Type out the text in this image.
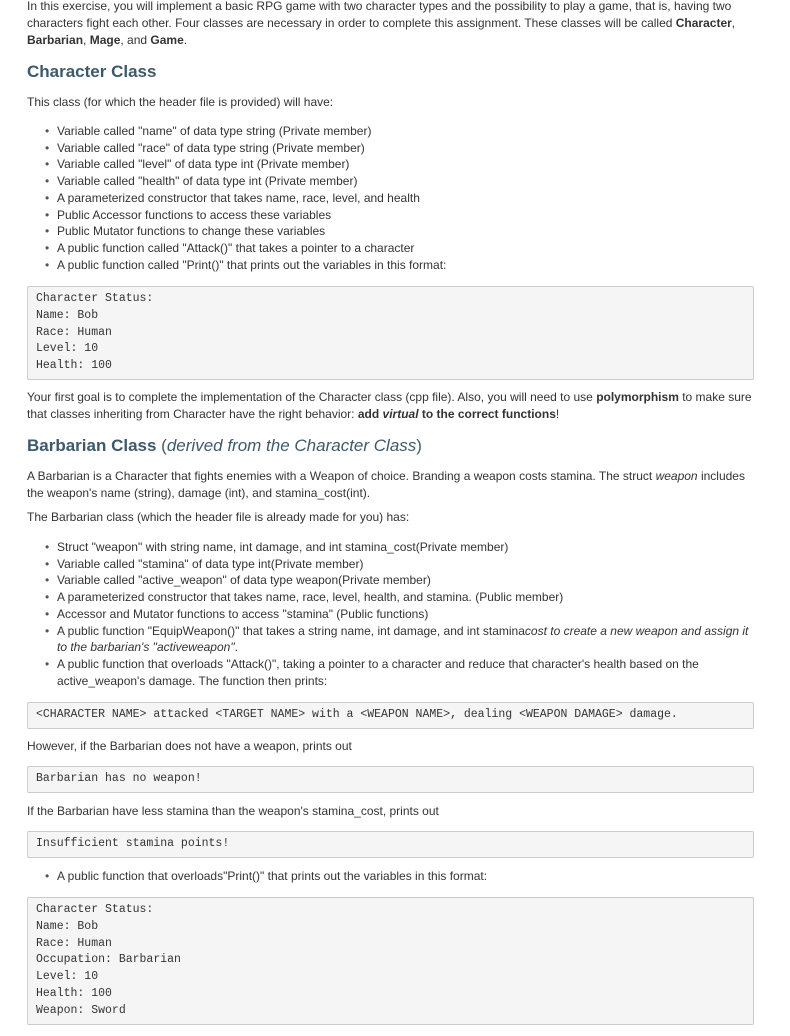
In this exercise, you will implement a basic RPG game with two character types and the possibility to play a game, that is, having two characters fight each other. Four classes are necessary in order to complete this assignment. These classes will be called Character, Barbarian, Mage, and Game.

Character Class

This class (for which the header file is provided) will have:

• Variable called "name" of data type string (Private member)
• Variable called "race" of data type string (Private member)
• Variable called "level" of data type int (Private member)
• Variable called "health" of data type int (Private member)
• A parameterized constructor that takes name, race, level, and health
• Public Accessor functions to access these variables
• Public Mutator functions to change these variables
• A public function called "Attack()" that takes a pointer to a character
• A public function called "Print()" that prints out the variables in this format:
Character Status:
Name: Bob
Race: Human
Level: 10
Health: 100

Your first goal is to complete the implementation of the Character class (cpp file). Also, you will need to use polymorphism to make sure that classes inheriting from Character have the right behavior: add virtual to the correct functions!

Barbarian Class (derived from the Character Class)

A Barbarian is a Character that fights enemies with a Weapon of choice. Branding a weapon costs stamina. The struct weapon includes the weapon's name (string), damage (int), and stamina_cost(int).

The Barbarian class (which the header file is already made for you) has:

• Struct "weapon" with string name, int damage, and int stamina_cost(Private member)
• Variable called "stamina" of data type int(Private member)
• Variable called "active_weapon" of data type weapon(Private member)
• A parameterized constructor that takes name, race, level, health, and stamina. (Public member)
• Accessor and Mutator functions to access "stamina" (Public functions)
• A public function "EquipWeapon()" that takes a string name, int damage, and int staminacost to create a new weapon and assign it to the barbarian's "activeweapon".
• A public function that overloads "Attack()", taking a pointer to a character and reduce that character's health based on the active_weapon's damage. The function then prints:
<CHARACTER NAME> attacked <TARGET NAME> with a <WEAPON NAME>, dealing <WEAPON DAMAGE> damage.

However, if the Barbarian does not have a weapon, prints out

Barbarian has no weapon!

If the Barbarian have less stamina than the weapon's stamina_cost, prints out

Insufficient stamina points!
• A public function that overloads"Print()" that prints out the variables in this format:
Character Status:
Name: Bob
Race: Human
Occupation: Barbarian
Level: 10
Health: 100
Weapon: Sword
